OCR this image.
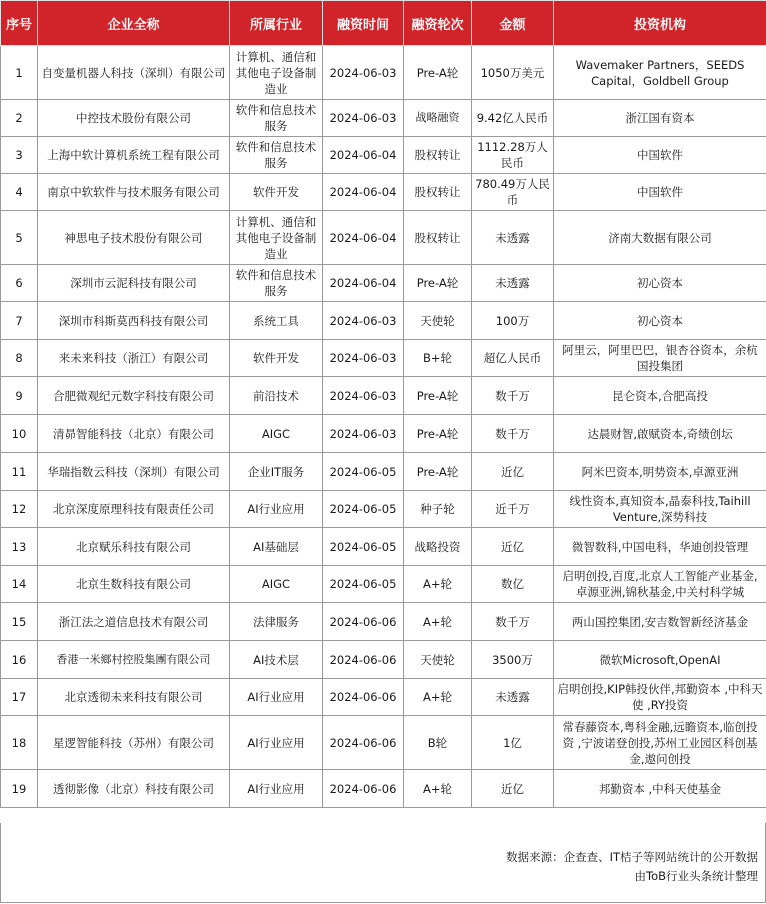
序号	企业全称	所属行业	融资时间	融资轮次	金额	投资机构
1	自变量机器人科技（深圳）有限公司	计算机、通信和其他电子设备制造业	2024-06-03	Pre-A轮	1050万美元	Wavemaker Partners，SEEDS Capital，Goldbell Group
2	中控技术股份有限公司	软件和信息技术服务	2024-06-03	战略融资	9.42亿人民币	浙江国有资本
3	上海中软计算机系统工程有限公司	软件和信息技术服务	2024-06-04	股权转让	1112.28万人民币	中国软件
4	南京中软软件与技术服务有限公司	软件开发	2024-06-04	股权转让	780.49万人民币	中国软件
5	神思电子技术股份有限公司	计算机、通信和其他电子设备制造业	2024-06-04	股权转让	未透露	济南大数据有限公司
6	深圳市云泥科技有限公司	软件和信息技术服务	2024-06-04	Pre-A轮	未透露	初心资本
7	深圳市科斯莫西科技有限公司	系统工具	2024-06-03	天使轮	100万	初心资本
8	来未来科技（浙江）有限公司	软件开发	2024-06-03	B+轮	超亿人民币	阿里云，阿里巴巴，银杏谷资本，余杭国投集团
9	合肥微观纪元数字科技有限公司	前沿技术	2024-06-03	Pre-A轮	数千万	昆仑资本,合肥高投
10	清昴智能科技（北京）有限公司	AIGC	2024-06-03	Pre-A轮	数千万	达晨财智,啟赋资本,奇绩创坛
11	华瑞指数云科技（深圳）有限公司	企业IT服务	2024-06-05	Pre-A轮	近亿	阿米巴资本,明势资本,卓源亚洲
12	北京深度原理科技有限责任公司	AI行业应用	2024-06-05	种子轮	近千万	线性资本,真知资本,晶泰科技,Taihill Venture,深势科技
13	北京赋乐科技有限公司	AI基础层	2024-06-05	战略投资	近亿	微智数科,中国电科，华迪创投管理
14	北京生数科技有限公司	AIGC	2024-06-05	A+轮	数亿	启明创投,百度,北京人工智能产业基金,卓源亚洲,锦秋基金,中关村科学城
15	浙江法之道信息技术有限公司	法律服务	2024-06-06	A+轮	数千万	两山国控集团,安吉数智新经济基金
16	香港一米鄉村控股集團有限公司	AI技术层	2024-06-06	天使轮	3500万	微软Microsoft,OpenAI
17	北京透彻未来科技有限公司	AI行业应用	2024-06-06	A+轮	未透露	启明创投,KIP韩投伙伴,邦勤资本 ,中科天使 ,RY投资
18	星逻智能科技（苏州）有限公司	AI行业应用	2024-06-06	B轮	1亿	常春藤资本,粤科金融,远瞻资本,临创投资 ,宁波诺登创投,苏州工业园区科创基金,遨问创投
19	透彻影像（北京）科技有限公司	AI行业应用	2024-06-06	A+轮	近亿	邦勤资本 ,中科天使基金
数据来源：企查查、IT桔子等网站统计的公开数据
由ToB行业头条统计整理
